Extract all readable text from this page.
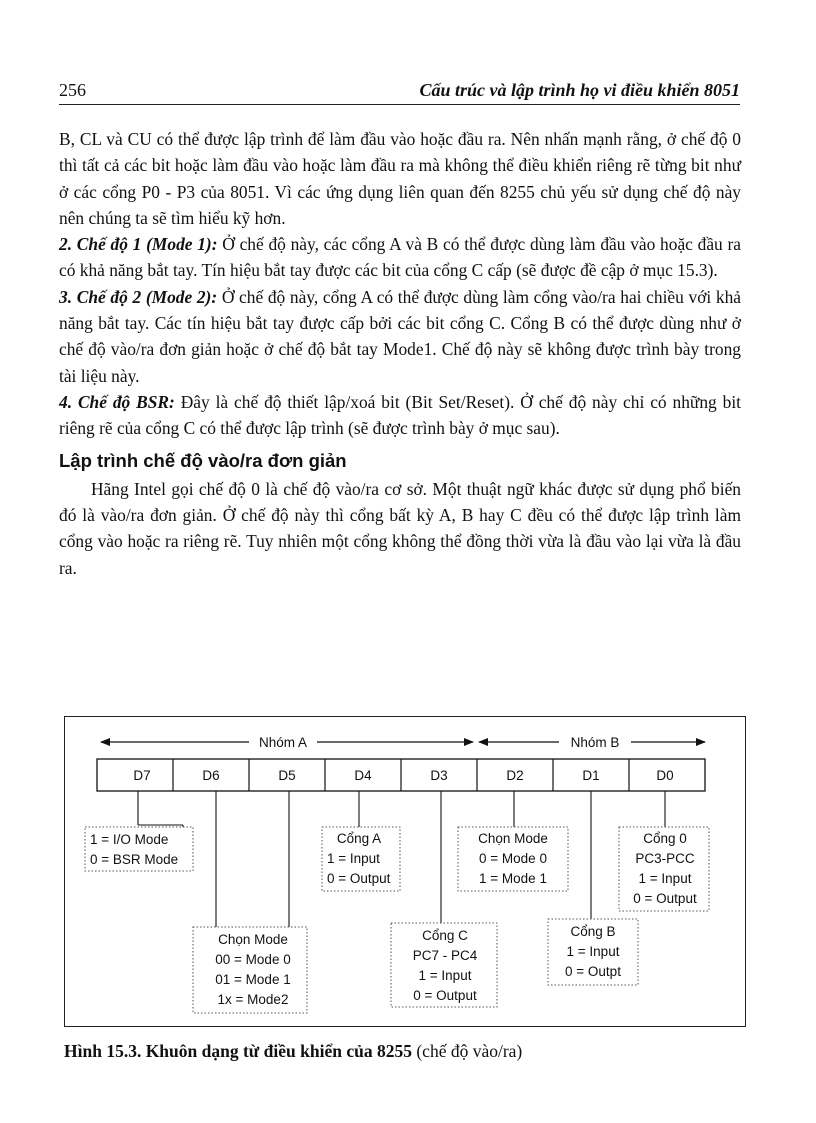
256	Cấu trúc và lập trình họ vi điều khiển 8051

B, CL và CU có thể được lập trình để làm đầu vào hoặc đầu ra. Nên nhấn mạnh rằng, ở chế độ 0 thì tất cả các bit hoặc làm đầu vào hoặc làm đầu ra mà không thể điều khiển riêng rẽ từng bit như ở các cổng P0 - P3 của 8051. Vì các ứng dụng liên quan đến 8255 chủ yếu sử dụng chế độ này nên chúng ta sẽ tìm hiểu kỹ hơn.

2. Chế độ 1 (Mode 1): Ở chế độ này, các cổng A và B có thể được dùng làm đầu vào hoặc đầu ra có khả năng bắt tay. Tín hiệu bắt tay được các bit của cổng C cấp (sẽ được đề cập ở mục 15.3).

3. Chế độ 2 (Mode 2): Ở chế độ này, cổng A có thể được dùng làm cổng vào/ra hai chiều với khả năng bắt tay. Các tín hiệu bắt tay được cấp bởi các bit cổng C. Cổng B có thể được dùng như ở chế độ vào/ra đơn giản hoặc ở chế độ bắt tay Mode1. Chế độ này sẽ không được trình bày trong tài liệu này.

4. Chế độ BSR: Đây là chế độ thiết lập/xoá bit (Bit Set/Reset). Ở chế độ này chỉ có những bit riêng rẽ của cổng C có thể được lập trình (sẽ được trình bày ở mục sau).

Lập trình chế độ vào/ra đơn giản

Hãng Intel gọi chế độ 0 là chế độ vào/ra cơ sở. Một thuật ngữ khác được sử dụng phổ biến đó là vào/ra đơn giản. Ở chế độ này thì cổng bất kỳ A, B hay C đều có thể được lập trình làm cổng vào hoặc ra riêng rẽ. Tuy nhiên một cổng không thể đồng thời vừa là đầu vào lại vừa là đầu ra.

Nhóm A	Nhóm B
D7	D6	D5	D4	D3	D2	D1	D0
1 = I/O Mode
0 = BSR Mode
Cổng A
1 = Input
0 = Output
Chọn Mode
0 = Mode 0
1 = Mode 1
Cổng 0
PC3-PCC
1 = Input
0 = Output
Chọn Mode
00 = Mode 0
01 = Mode 1
1x = Mode2
Cổng C
PC7 - PC4
1 = Input
0 = Output
Cổng B
1 = Input
0 = Outpt
Hình 15.3. Khuôn dạng từ điều khiển của 8255 (chế độ vào/ra)
